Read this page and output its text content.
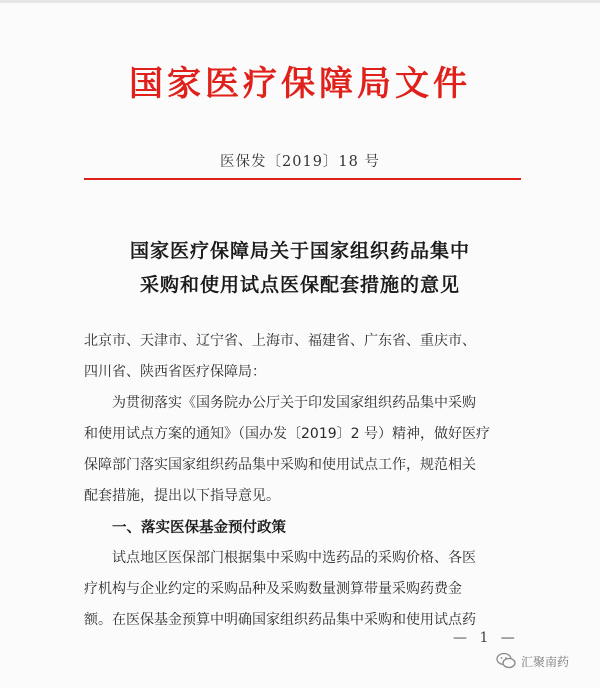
国家医疗保障局文件
医保发〔2019〕18 号
国家医疗保障局关于国家组织药品集中
采购和使用试点医保配套措施的意见
北京市、天津市、辽宁省、上海市、福建省、广东省、重庆市、
四川省、陕西省医疗保障局：
为贯彻落实《国务院办公厅关于印发国家组织药品集中采购
和使用试点方案的通知》（国办发〔2019〕2 号）精神，做好医疗
保障部门落实国家组织药品集中采购和使用试点工作，规范相关
配套措施，提出以下指导意见。
一、落实医保基金预付政策
试点地区医保部门根据集中采购中选药品的采购价格、各医
疗机构与企业约定的采购品种及采购数量测算带量采购药费金
额。在医保基金预算中明确国家组织药品集中采购和使用试点药
— 1 —
汇聚南药
